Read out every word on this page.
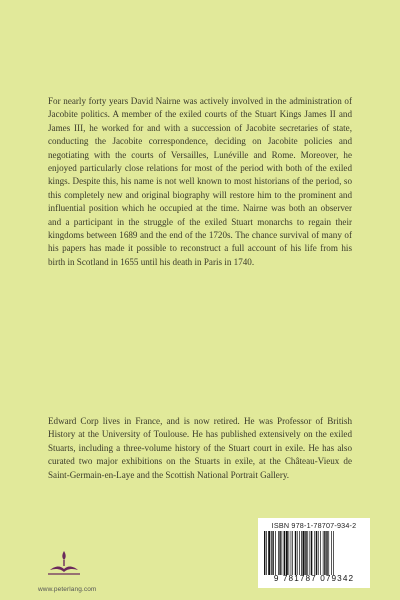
For nearly forty years David Nairne was actively involved in the administration of Jacobite politics. A member of the exiled courts of the Stuart Kings James II and James III, he worked for and with a succession of Jacobite secretaries of state, conducting the Jacobite correspondence, deciding on Jacobite policies and negotiating with the courts of Versailles, Lunéville and Rome. Moreover, he enjoyed particularly close relations for most of the period with both of the exiled kings. Despite this, his name is not well known to most historians of the period, so this completely new and original biography will restore him to the prominent and influential position which he occupied at the time. Nairne was both an observer and a participant in the struggle of the exiled Stuart monarchs to regain their kingdoms between 1689 and the end of the 1720s. The chance survival of many of his papers has made it possible to reconstruct a full account of his life from his birth in Scotland in 1655 until his death in Paris in 1740.

Edward Corp lives in France, and is now retired. He was Professor of British History at the University of Toulouse. He has published extensively on the exiled Stuarts, including a three-volume history of the Stuart court in exile. He has also curated two major exhibitions on the Stuarts in exile, at the Château-Vieux de Saint-Germain-en-Laye and the Scottish National Portrait Gallery.

www.peterlang.com
ISBN 978-1-78707-934-2
9 781787 079342
